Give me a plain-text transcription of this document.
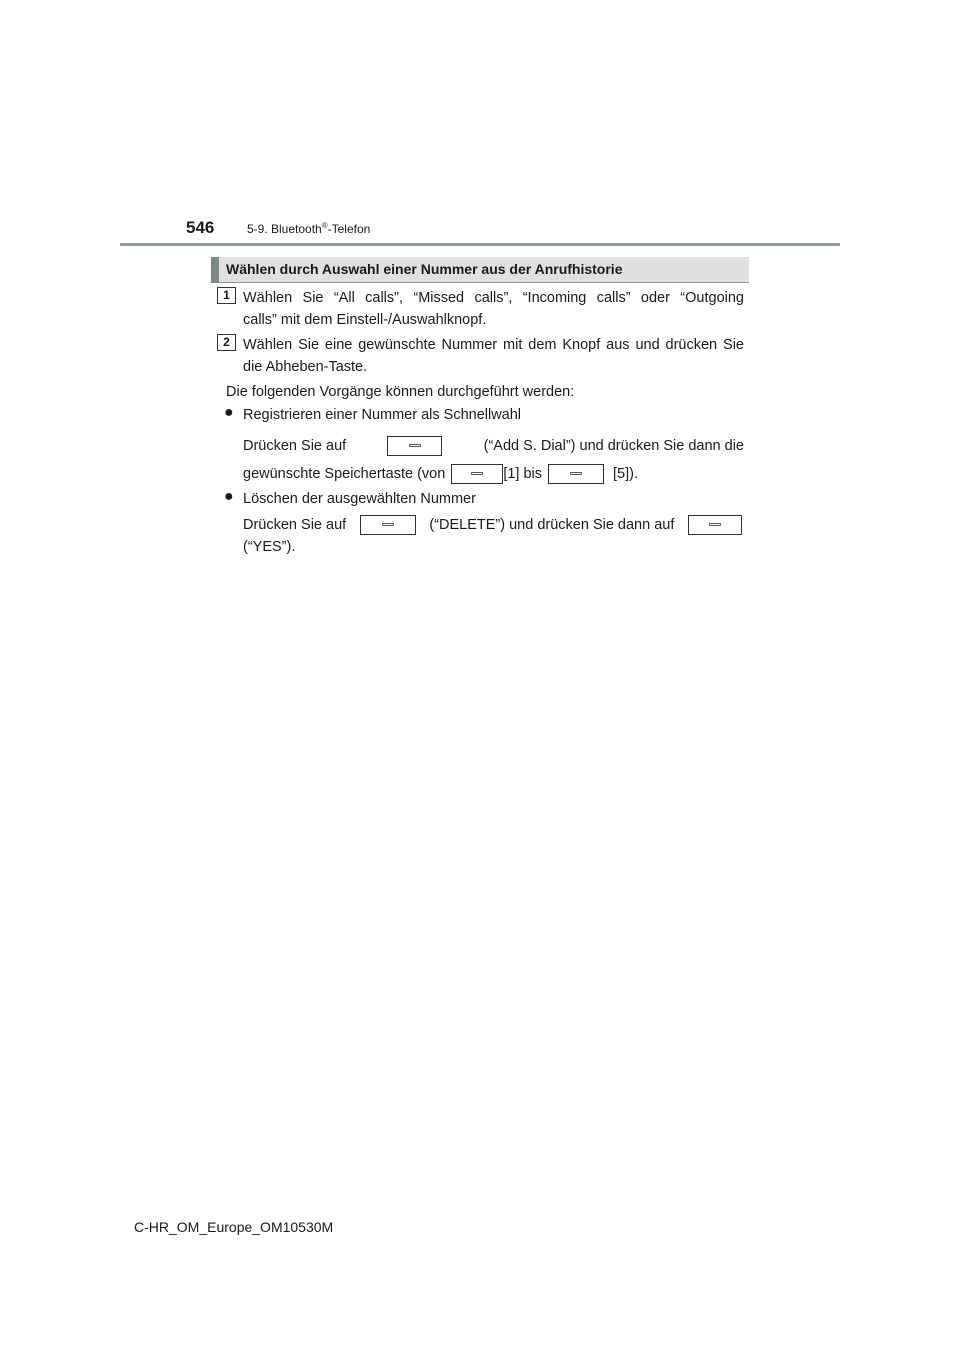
546	5-9. Bluetooth®-Telefon
Wählen durch Auswahl einer Nummer aus der Anrufhistorie
1 Wählen Sie “All calls”, “Missed calls”, “Incoming calls” oder “Outgoing
calls” mit dem Einstell-/Auswahlknopf.
2 Wählen Sie eine gewünschte Nummer mit dem Knopf aus und drücken Sie
die Abheben-Taste.
Die folgenden Vorgänge können durchgeführt werden:
● Registrieren einer Nummer als Schnellwahl
Drücken Sie auf	(“Add S. Dial”) und drücken Sie dann die
gewünschte Speichertaste (von	[1] bis	[5]).
● Löschen der ausgewählten Nummer
Drücken Sie auf	(“DELETE”) und drücken Sie dann auf
(“YES”).
C-HR_OM_Europe_OM10530M
